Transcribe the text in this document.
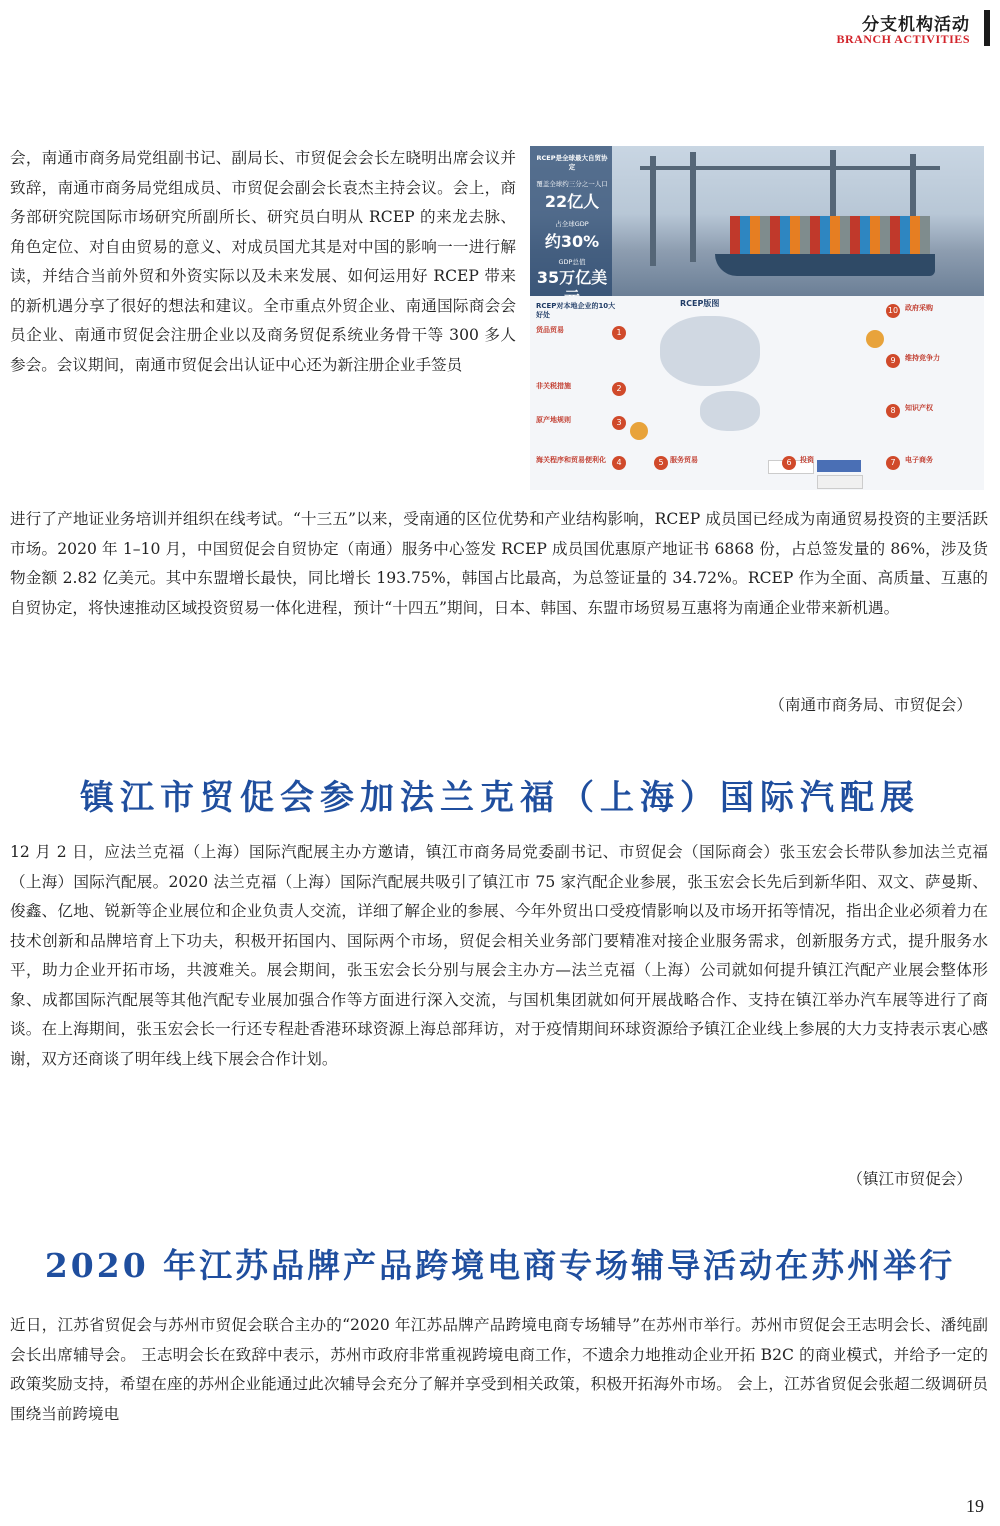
分支机构活动
BRANCH ACTIVITIES

会，南通市商务局党组副书记、副局长、市贸促会会长左晓明出席会议并致辞，南通市商务局党组成员、市贸促会副会长袁杰主持会议。会上，商务部研究院国际市场研究所副所长、研究员白明从 RCEP 的来龙去脉、角色定位、对自由贸易的意义、对成员国尤其是对中国的影响一一进行解读，并结合当前外贸和外资实际以及未来发展、如何运用好 RCEP 带来的新机遇分享了很好的想法和建议。全市重点外贸企业、南通国际商会会员企业、南通市贸促会注册企业以及商务贸促系统业务骨干等 300 多人参会。会议期间，南通市贸促会出认证中心还为新注册企业手签员

RCEP是全球最大自贸协定
覆盖全球约三分之一人口
22亿人
占全球GDP
约30%
GDP总值
35万亿美
RCEP对本地企业的10大好处
RCEP版图
货品贸易	1
非关税措施	2
原产地规则	3
海关程序和贸易便利化	4	服务贸易
5	投资
6	电子商务
7
知识产权
8
维持竞争力
9
政府采购
10

进行了产地证业务培训并组织在线考试。“十三五”以来，受南通的区位优势和产业结构影响，RCEP 成员国已经成为南通贸易投资的主要活跃市场。2020 年 1–10 月，中国贸促会自贸协定（南通）服务中心签发 RCEP 成员国优惠原产地证书 6868 份，占总签发量的 86%，涉及货物金额 2.82 亿美元。其中东盟增长最快，同比增长 193.75%，韩国占比最高，为总签证量的 34.72%。RCEP 作为全面、高质量、互惠的自贸协定，将快速推动区域投资贸易一体化进程，预计“十四五”期间，日本、韩国、东盟市场贸易互惠将为南通企业带来新机遇。

（南通市商务局、市贸促会）
镇江市贸促会参加法兰克福（上海）国际汽配展

12 月 2 日，应法兰克福（上海）国际汽配展主办方邀请，镇江市商务局党委副书记、市贸促会（国际商会）张玉宏会长带队参加法兰克福（上海）国际汽配展。2020 法兰克福（上海）国际汽配展共吸引了镇江市 75 家汽配企业参展，张玉宏会长先后到新华阳、双文、萨曼斯、俊鑫、亿地、锐新等企业展位和企业负责人交流，详细了解企业的参展、今年外贸出口受疫情影响以及市场开拓等情况，指出企业必须着力在技术创新和品牌培育上下功夫，积极开拓国内、国际两个市场，贸促会相关业务部门要精准对接企业服务需求，创新服务方式，提升服务水平，助力企业开拓市场，共渡难关。展会期间，张玉宏会长分别与展会主办方—法兰克福（上海）公司就如何提升镇江汽配产业展会整体形象、成都国际汽配展等其他汽配专业展加强合作等方面进行深入交流，与国机集团就如何开展战略合作、支持在镇江举办汽车展等进行了商谈。在上海期间，张玉宏会长一行还专程赴香港环球资源上海总部拜访，对于疫情期间环球资源给予镇江企业线上参展的大力支持表示衷心感谢，双方还商谈了明年线上线下展会合作计划。

（镇江市贸促会）
2020 年江苏品牌产品跨境电商专场辅导活动在苏州举行

近日，江苏省贸促会与苏州市贸促会联合主办的“2020 年江苏品牌产品跨境电商专场辅导”在苏州市举行。苏州市贸促会王志明会长、潘纯副会长出席辅导会。 王志明会长在致辞中表示，苏州市政府非常重视跨境电商工作，不遗余力地推动企业开拓 B2C 的商业模式，并给予一定的政策奖励支持，希望在座的苏州企业能通过此次辅导会充分了解并享受到相关政策，积极开拓海外市场。 会上，江苏省贸促会张超二级调研员围绕当前跨境电

19
